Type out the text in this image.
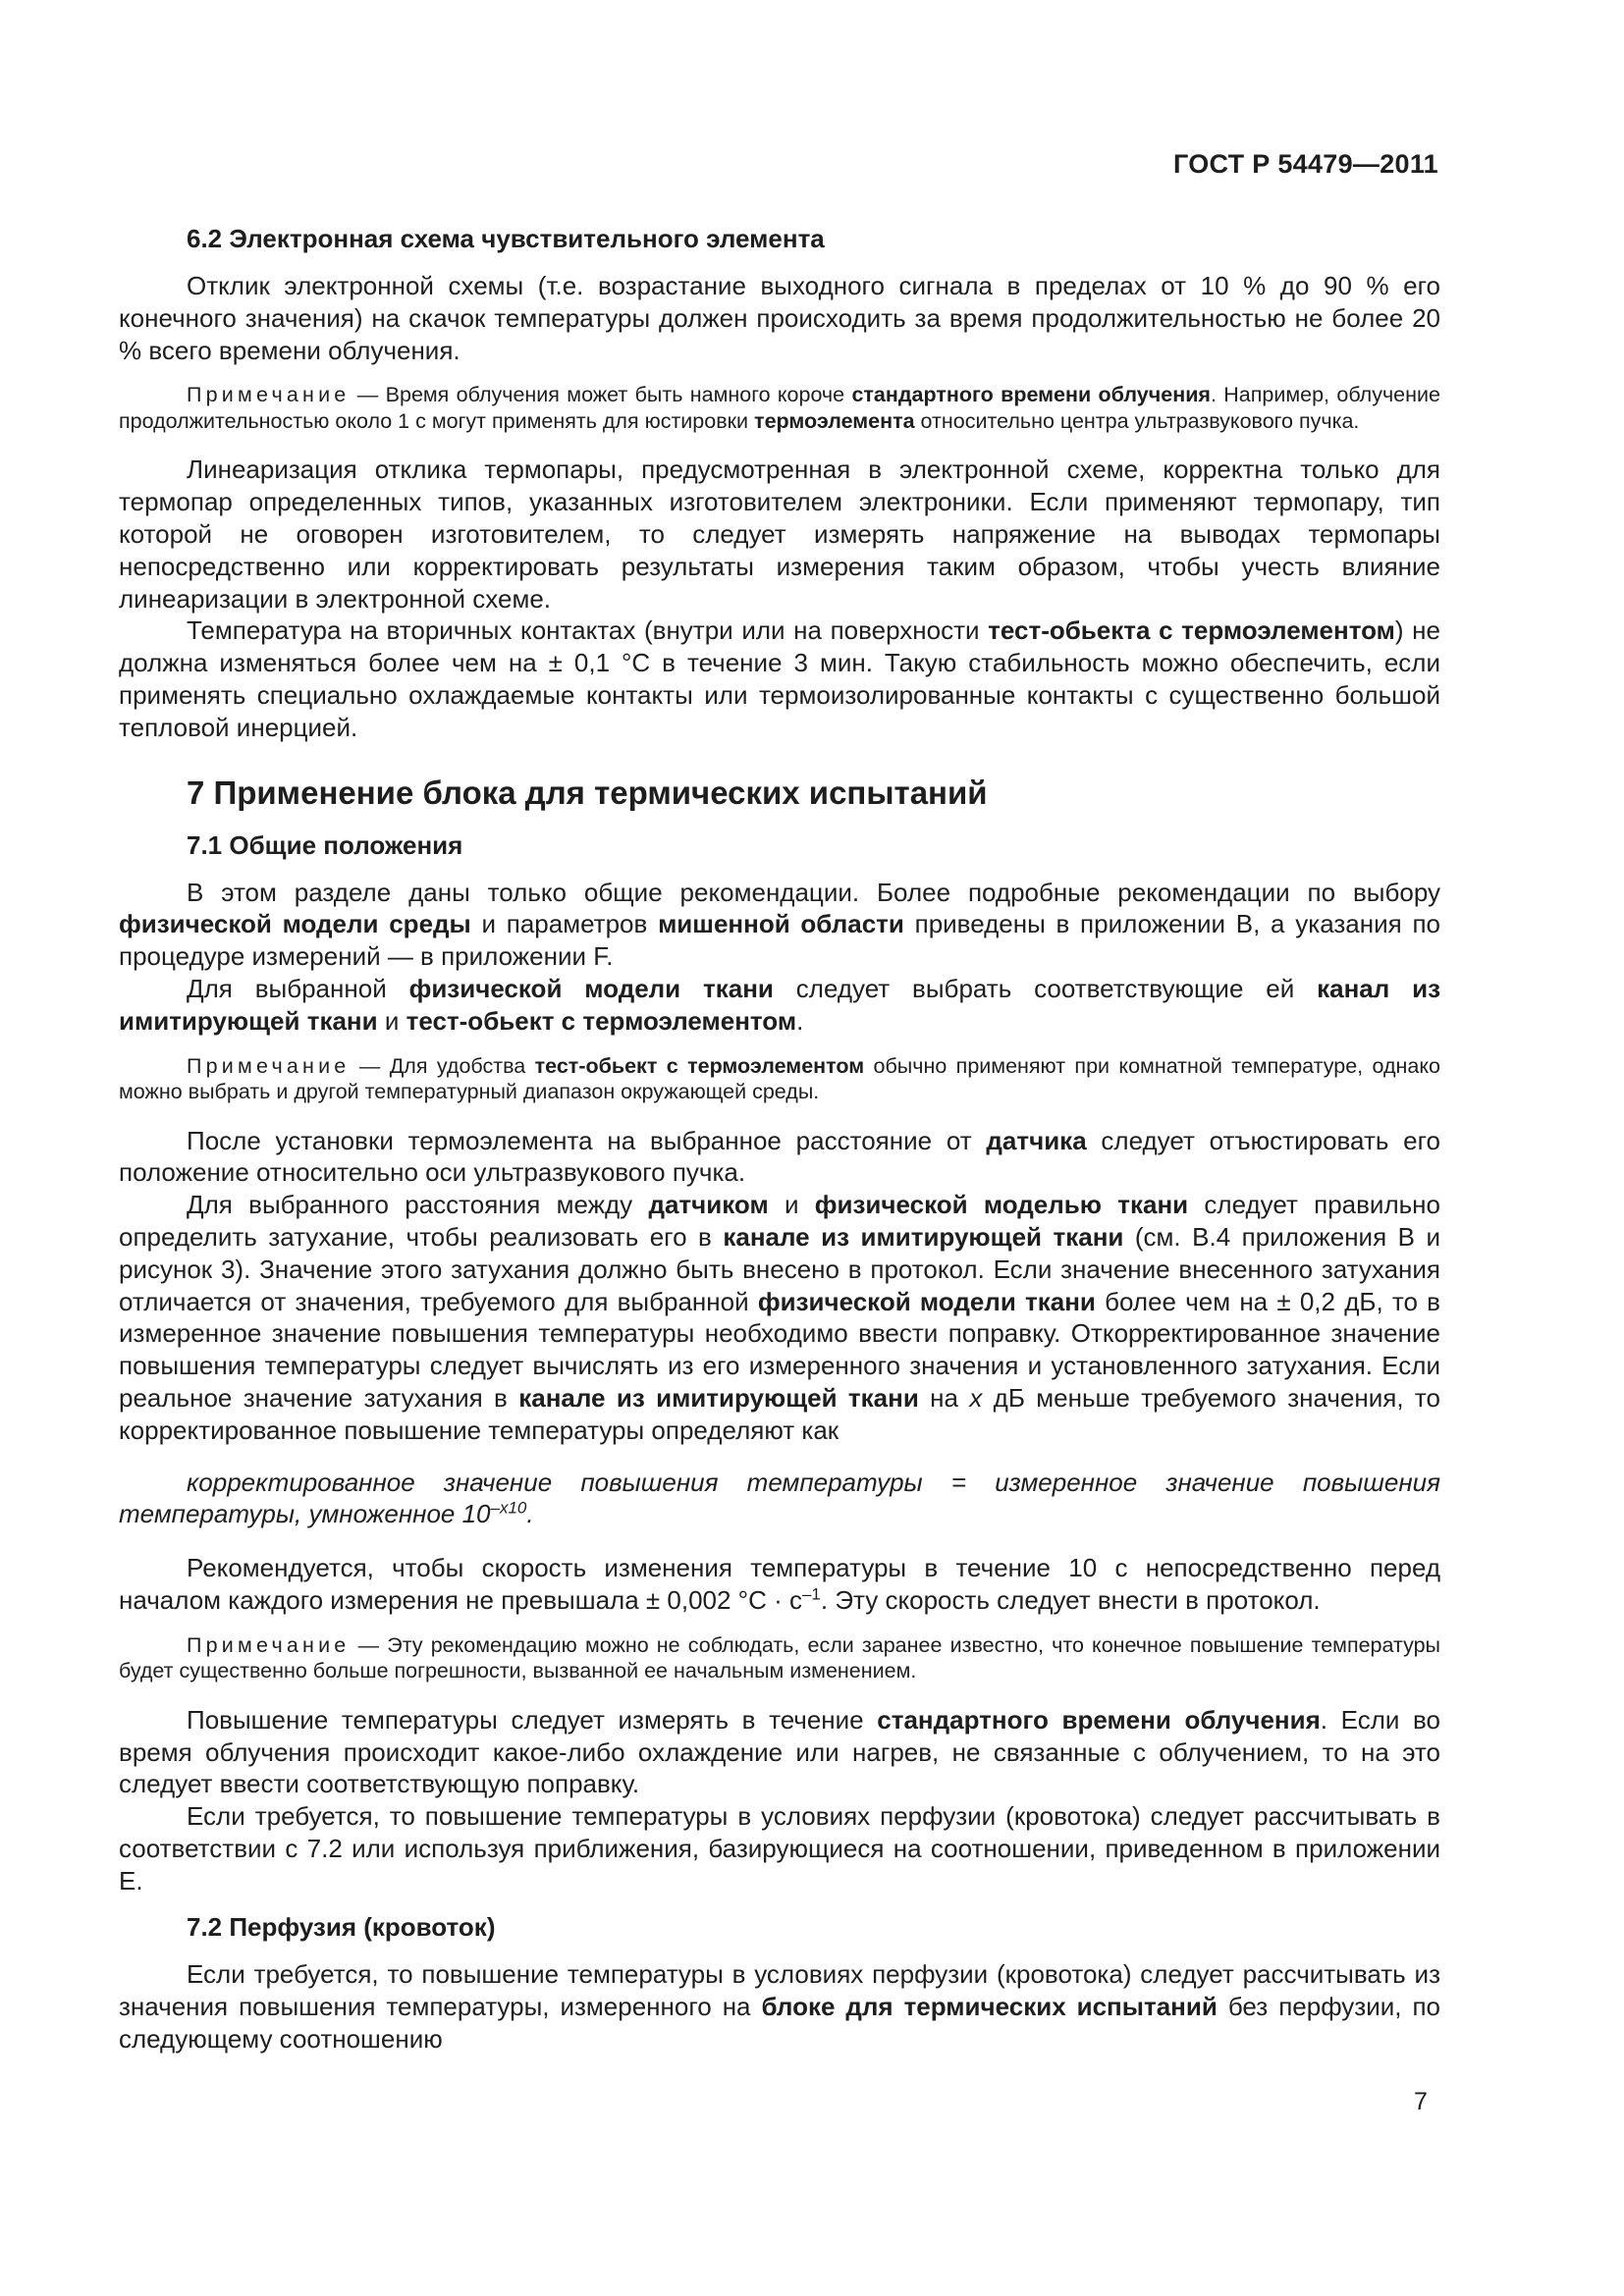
ГОСТ Р 54479—2011

6.2 Электронная схема чувствительного элемента

Отклик электронной схемы (т.е. возрастание выходного сигнала в пределах от 10 % до 90 % его конечного значения) на скачок температуры должен происходить за время продолжительностью не более 20 % всего времени облучения.

Примечание — Время облучения может быть намного короче стандартного времени облучения. Например, облучение продолжительностью около 1 с могут применять для юстировки термоэлемента относительно центра ультразвукового пучка.

Линеаризация отклика термопары, предусмотренная в электронной схеме, корректна только для термопар определенных типов, указанных изготовителем электроники. Если применяют термопару, тип которой не оговорен изготовителем, то следует измерять напряжение на выводах термопары непосредственно или корректировать результаты измерения таким образом, чтобы учесть влияние линеаризации в электронной схеме.

Температура на вторичных контактах (внутри или на поверхности тест-обьекта с термоэлементом) не должна изменяться более чем на ± 0,1 °С в течение 3 мин. Такую стабильность можно обеспечить, если применять специально охлаждаемые контакты или термоизолированные контакты с существенно большой тепловой инерцией.

7 Применение блока для термических испытаний

7.1 Общие положения

В этом разделе даны только общие рекомендации. Более подробные рекомендации по выбору физической модели среды и параметров мишенной области приведены в приложении В, а указания по процедуре измерений — в приложении F.

Для выбранной физической модели ткани следует выбрать соответствующие ей канал из имитирующей ткани и тест-обьект с термоэлементом.

Примечание — Для удобства тест-обьект с термоэлементом обычно применяют при комнатной температуре, однако можно выбрать и другой температурный диапазон окружающей среды.

После установки термоэлемента на выбранное расстояние от датчика следует отъюстировать его положение относительно оси ультразвукового пучка.

Для выбранного расстояния между датчиком и физической моделью ткани следует правильно определить затухание, чтобы реализовать его в канале из имитирующей ткани (см. В.4 приложения В и рисунок 3). Значение этого затухания должно быть внесено в протокол. Если значение внесенного затухания отличается от значения, требуемого для выбранной физической модели ткани более чем на ± 0,2 дБ, то в измеренное значение повышения температуры необходимо ввести поправку. Откорректированное значение повышения температуры следует вычислять из его измеренного значения и установленного затухания. Если реальное значение затухания в канале из имитирующей ткани на x дБ меньше требуемого значения, то корректированное повышение температуры определяют как

корректированное значение повышения температуры = измеренное значение повышения температуры, умноженное $10^{-x10}$.

Рекомендуется, чтобы скорость изменения температуры в течение 10 с непосредственно перед началом каждого измерения не превышала ± 0,002 $^\circ С \cdot с^{-1}$. Эту скорость следует внести в протокол.

Примечание — Эту рекомендацию можно не соблюдать, если заранее известно, что конечное повышение температуры будет существенно больше погрешности, вызванной ее начальным изменением.

Повышение температуры следует измерять в течение стандартного времени облучения. Если во время облучения происходит какое-либо охлаждение или нагрев, не связанные с облучением, то на это следует ввести соответствующую поправку.

Если требуется, то повышение температуры в условиях перфузии (кровотока) следует рассчитывать в соответствии с 7.2 или используя приближения, базирующиеся на соотношении, приведенном в приложении Е.

7.2 Перфузия (кровоток)

Если требуется, то повышение температуры в условиях перфузии (кровотока) следует рассчитывать из значения повышения температуры, измеренного на блоке для термических испытаний без перфузии, по следующему соотношению

7
